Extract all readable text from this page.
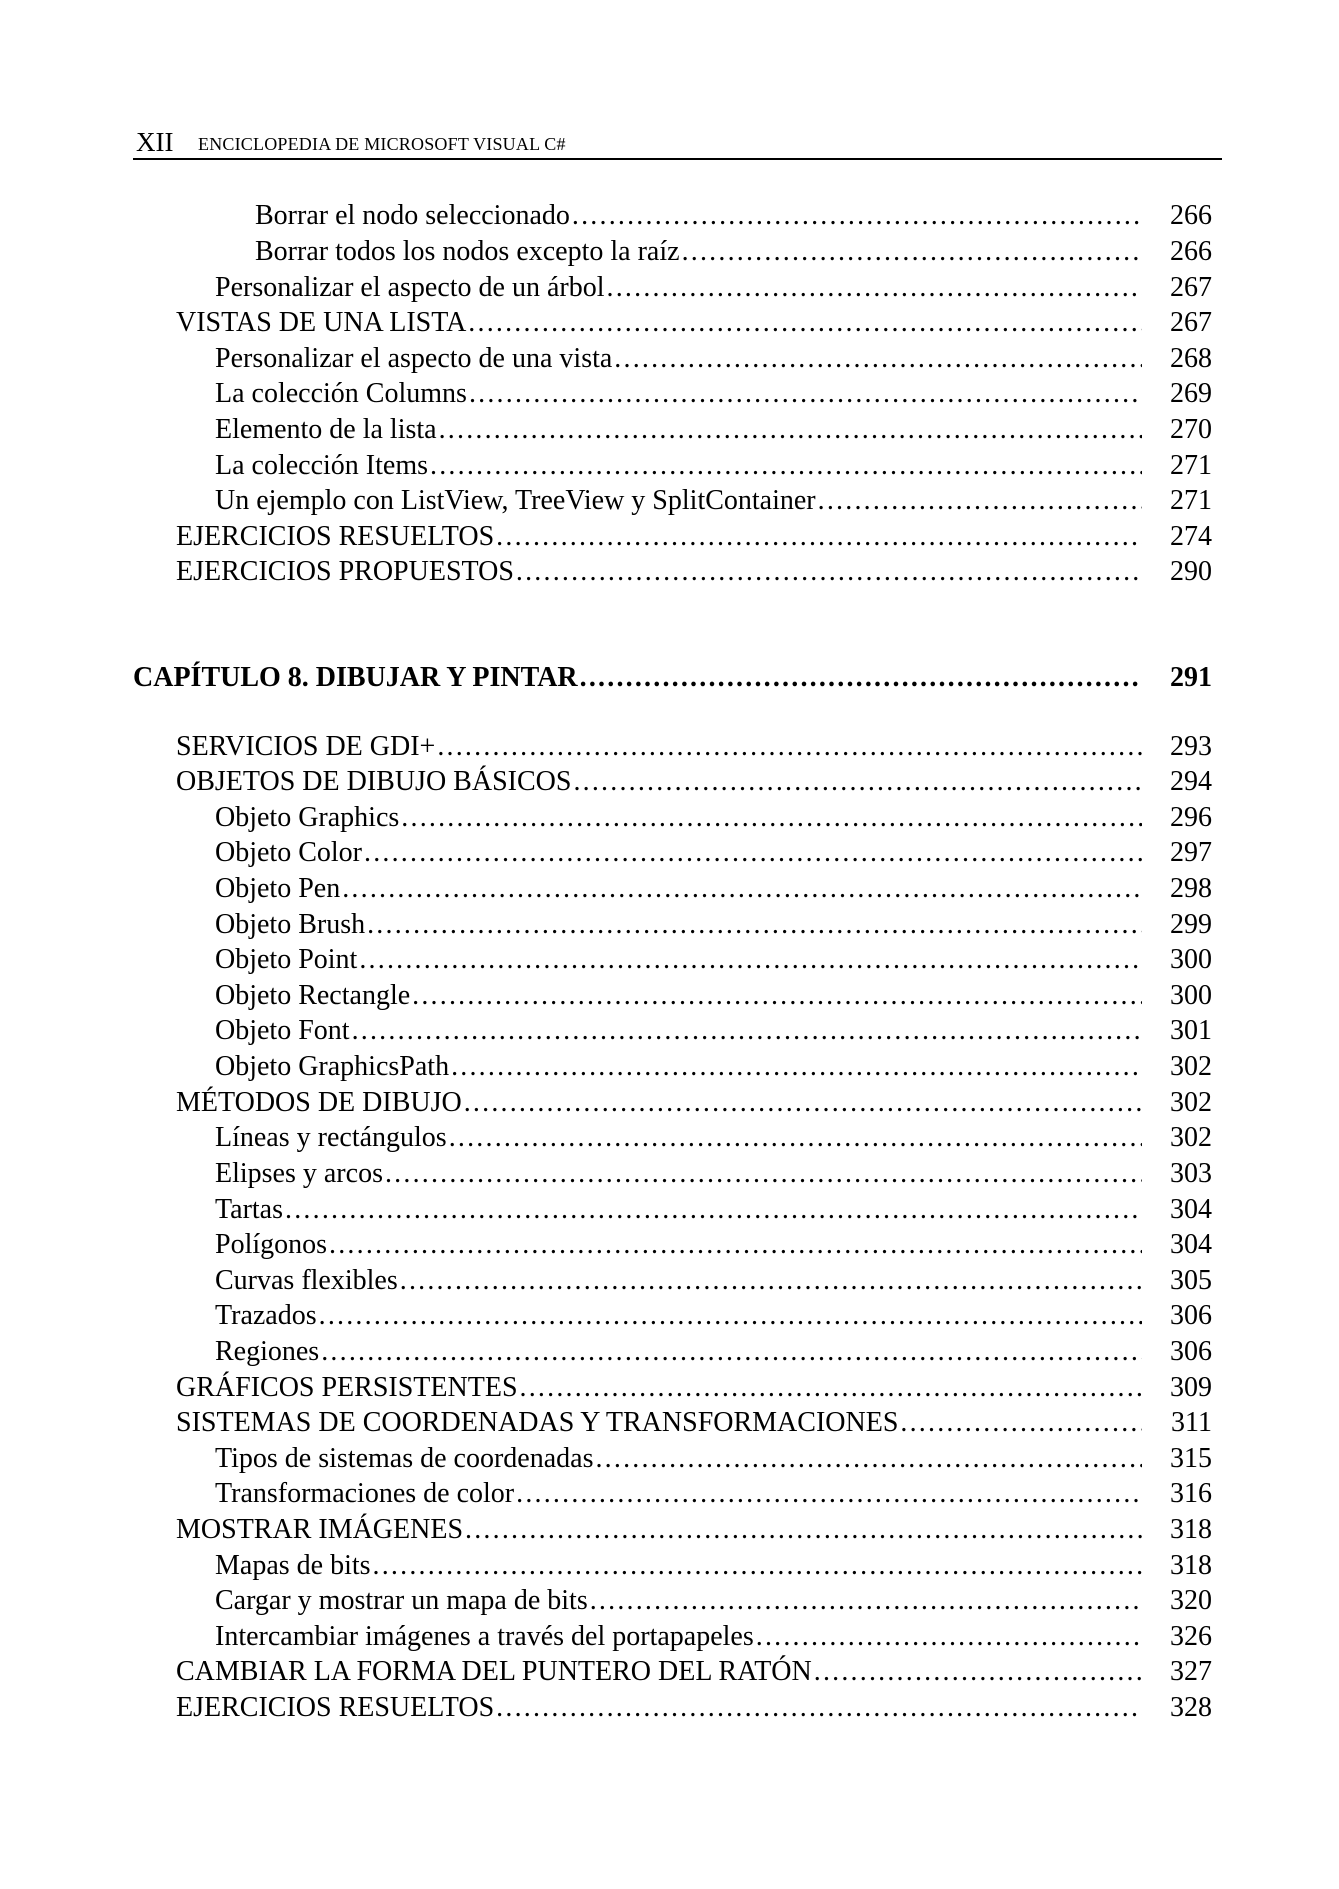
XII ENCICLOPEDIA DE MICROSOFT VISUAL C#
Borrar el nodo seleccionado . . .	266
Borrar todos los nodos excepto la raíz . . .	266
Personalizar el aspecto de un árbol . . .	267
VISTAS DE UNA LISTA . . .	267
Personalizar el aspecto de una vista . . .	268
La colección Columns . . .	269
Elemento de la lista . . .	270
La colección Items . . .	271
Un ejemplo con ListView, TreeView y SplitContainer . . .	271
EJERCICIOS RESUELTOS . . .	274
EJERCICIOS PROPUESTOS . . .	290
CAPÍTULO 8. DIBUJAR Y PINTAR . . .	291
SERVICIOS DE GDI+ . . .	293
OBJETOS DE DIBUJO BÁSICOS . . .	294
Objeto Graphics . . .	296
Objeto Color . . .	297
Objeto Pen . . .	298
Objeto Brush . . .	299
Objeto Point . . .	300
Objeto Rectangle . . .	300
Objeto Font . . .	301
Objeto GraphicsPath . . .	302
MÉTODOS DE DIBUJO . . .	302
Líneas y rectángulos . . .	302
Elipses y arcos . . .	303
Tartas . . .	304
Polígonos . . .	304
Curvas flexibles . . .	305
Trazados . . .	306
Regiones . . .	306
GRÁFICOS PERSISTENTES . . .	309
SISTEMAS DE COORDENADAS Y TRANSFORMACIONES . . .	311
Tipos de sistemas de coordenadas . . .	315
Transformaciones de color . . .	316
MOSTRAR IMÁGENES . . .	318
Mapas de bits . . .	318
Cargar y mostrar un mapa de bits . . .	320
Intercambiar imágenes a través del portapapeles . . .	326
CAMBIAR LA FORMA DEL PUNTERO DEL RATÓN . . .	327
EJERCICIOS RESUELTOS . . .	328
